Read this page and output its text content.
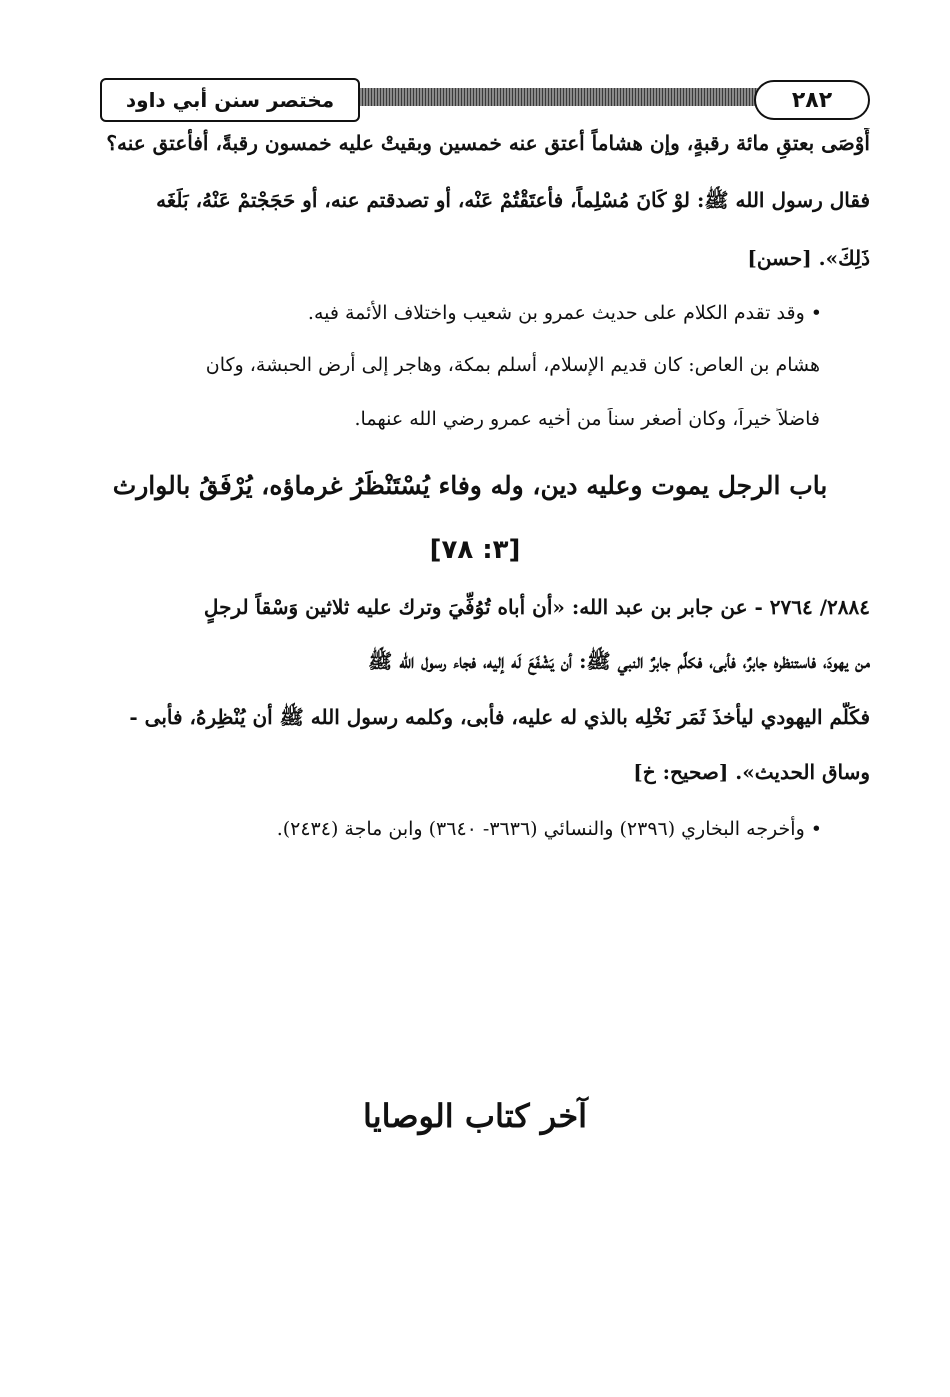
مختصر سنن أبي داود	٢٨٢
أَوْصَى بعتقِ مائة رقبةٍ، وإن هشاماً أعتق عنه خمسين وبقيتْ عليه خمسون رقبةً، أفأعتق عنه؟
فقال رسول الله ﷺ: لوْ كَانَ مُسْلِماً، فأعتَقْتُمْ عَنْه، أو تصدقتم عنه، أو حَجَجْتمْ عَنْهُ، بَلَغَه
ذَلِكَ». [حسن]
• وقد تقدم الكلام على حديث عمرو بن شعيب واختلاف الأئمة فيه.
هشام بن العاص: كان قديم الإسلام، أسلم بمكة، وهاجر إلى أرض الحبشة، وكان
فاضلاً خيراً، وكان أصغر سناً من أخيه عمرو رضي الله عنهما.
باب الرجل يموت وعليه دين، وله وفاء يُسْتَنْظَرُ غرماؤه، يُرْفَقُ بالوارث
[٣: ٧٨]
٢٨٨٤/ ٢٧٦٤ - عن جابر بن عبد الله: «أن أباه تُوُفِّيَ وترك عليه ثلاثين وَسْقاً لرجلٍ
من يهودَ، فاستنظره جابرٌ، فأبى، فكلَّم جابرٌ النبي ﷺ: أن يَشْفَعَ لَه إليه، فجاء رسول الله ﷺ
فكَلَّم اليهودي ليأخذَ ثَمَر نَخْلِه بالذي له عليه، فأبى، وكلمه رسول الله ﷺ أن يُنْظِرهُ، فأبى -
وساق الحديث». [صحيح: خ]
• وأخرجه البخاري (٢٣٩٦) والنسائي (٣٦٣٦- ٣٦٤٠) وابن ماجة (٢٤٣٤).
آخر كتاب الوصايا
